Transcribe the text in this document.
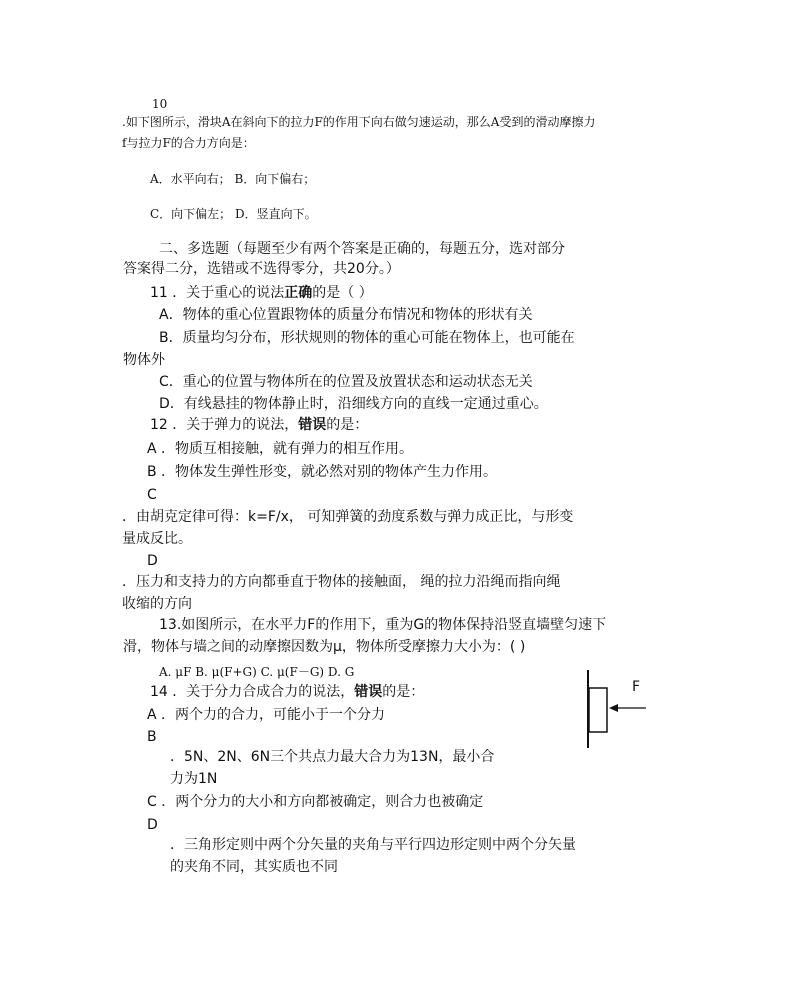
10
.如下图所示，滑块A在斜向下的拉力F的作用下向右做匀速运动，那么A受到的滑动摩擦力
f与拉力F的合力方向是：
A．水平向右； B．向下偏右；
C．向下偏左； D．竖直向下。
二、多选题（每题至少有两个答案是正确的，每题五分，选对部分
答案得二分，选错或不选得零分，共20分。）
11 ．关于重心的说法正确的是（ ）
A．物体的重心位置跟物体的质量分布情况和物体的形状有关
B．质量均匀分布，形状规则的物体的重心可能在物体上，也可能在
物体外
C．重心的位置与物体所在的位置及放置状态和运动状态无关
D．有线悬挂的物体静止时，沿细线方向的直线一定通过重心。
12 ．关于弹力的说法，错误的是：
A ．物质互相接触，就有弹力的相互作用。
B ．物体发生弹性形变，就必然对别的物体产生力作用。
C
．由胡克定律可得：k=F/x， 可知弹簧的劲度系数与弹力成正比，与形变
量成反比。
D
．压力和支持力的方向都垂直于物体的接触面， 绳的拉力沿绳而指向绳
收缩的方向
13.如图所示，在水平力F的作用下，重为G的物体保持沿竖直墙壁匀速下
滑，物体与墙之间的动摩擦因数为μ，物体所受摩擦力大小为：( )
A. μF B. μ(F+G) C. μ(F－G) D. G
F
14 ．关于分力合成合力的说法，错误的是：
A ．两个力的合力，可能小于一个分力
B
．5N、2N、6N三个共点力最大合力为13N，最小合
力为1N
C ．两个分力的大小和方向都被确定，则合力也被确定
D
．三角形定则中两个分矢量的夹角与平行四边形定则中两个分矢量
的夹角不同，其实质也不同
